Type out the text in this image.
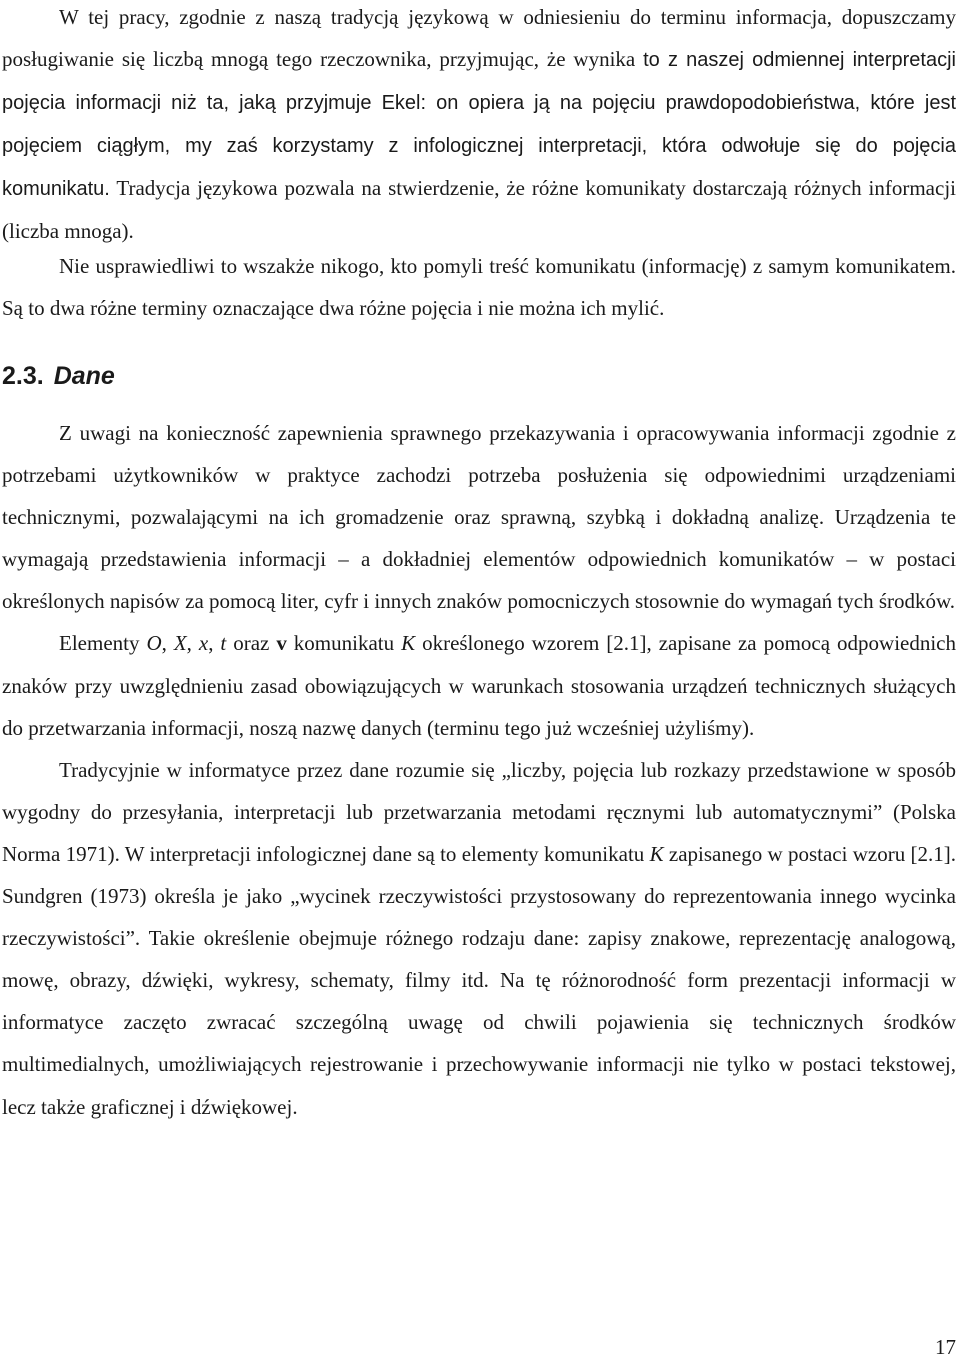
W tej pracy, zgodnie z naszą tradycją językową w odniesieniu do terminu informacja, dopuszczamy posługiwanie się liczbą mnogą tego rzeczownika, przyjmując, że wynika to z naszej odmiennej interpretacji pojęcia informacji niż ta, jaką przyjmuje Ekel: on opiera ją na pojęciu prawdopodobieństwa, które jest pojęciem ciągłym, my zaś korzystamy z infologicznej interpretacji, która odwołuje się do pojęcia komunikatu. Tradycja językowa pozwala na stwierdzenie, że różne komunikaty dostarczają różnych informacji (liczba mnoga).

Nie usprawiedliwi to wszakże nikogo, kto pomyli treść komunikatu (informację) z samym komunikatem. Są to dwa różne terminy oznaczające dwa różne pojęcia i nie można ich mylić.

2.3. Dane

Z uwagi na konieczność zapewnienia sprawnego przekazywania i opracowywania informacji zgodnie z potrzebami użytkowników w praktyce zachodzi potrzeba posłużenia się odpowiednimi urządzeniami technicznymi, pozwalającymi na ich gromadzenie oraz sprawną, szybką i dokładną analizę. Urządzenia te wymagają przedstawienia informacji – a dokładniej elementów odpowiednich komunikatów – w postaci określonych napisów za pomocą liter, cyfr i innych znaków pomocniczych stosownie do wymagań tych środków.

Elementy O, X, x, t oraz v komunikatu K określonego wzorem [2.1], zapisane za pomocą odpowiednich znaków przy uwzględnieniu zasad obowiązujących w warunkach stosowania urządzeń technicznych służących do przetwarzania informacji, noszą nazwę danych (terminu tego już wcześniej użyliśmy).

Tradycyjnie w informatyce przez dane rozumie się „liczby, pojęcia lub rozkazy przedstawione w sposób wygodny do przesyłania, interpretacji lub przetwarzania metodami ręcznymi lub automatycznymi” (Polska Norma 1971). W interpretacji infologicznej dane są to elementy komunikatu K zapisanego w postaci wzoru [2.1]. Sundgren (1973) określa je jako „wycinek rzeczywistości przystosowany do reprezentowania innego wycinka rzeczywistości”. Takie określenie obejmuje różnego rodzaju dane: zapisy znakowe, reprezentację analogową, mowę, obrazy, dźwięki, wykresy, schematy, filmy itd. Na tę różnorodność form prezentacji informacji w informatyce zaczęto zwracać szczególną uwagę od chwili pojawienia się technicznych środków multimedialnych, umożliwiających rejestrowanie i przechowywanie informacji nie tylko w postaci tekstowej, lecz także graficznej i dźwiękowej.

17
